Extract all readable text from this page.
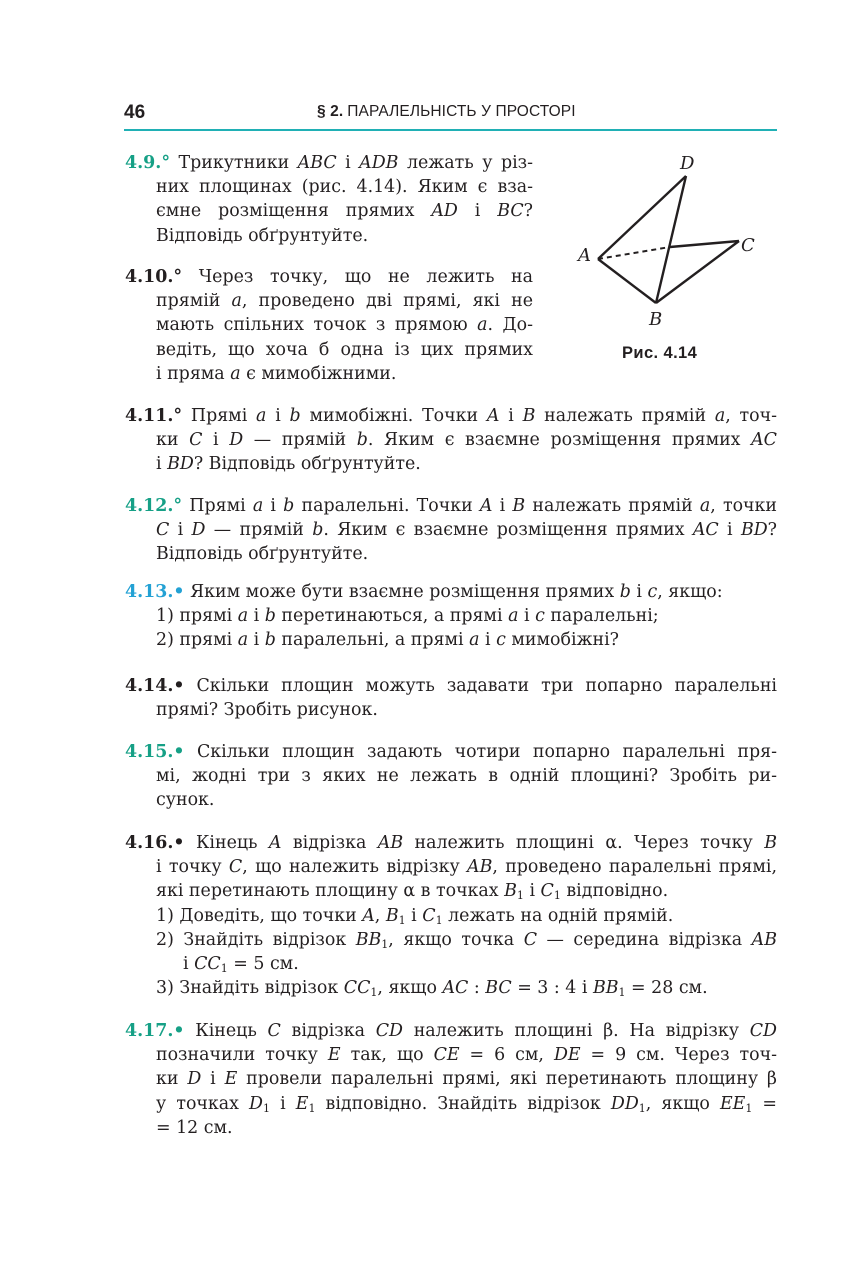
46	§ 2. ПАРАЛЕЛЬНІСТЬ У ПРОСТОРІ
D
A	C
B
Рис. 4.14
4.9.° Трикутники ABC і ADB лежать у різ-
них площинах (рис. 4.14). Яким є вза-
ємне розміщення прямих AD і BC?
Відповідь обґрунтуйте.
4.10.° Через точку, що не лежить на
прямій a, проведено дві прямі, які не
мають спільних точок з прямою a. До-
ведіть, що хоча б одна із цих прямих
і пряма a є мимобіжними.
4.11.° Прямі a і b мимобіжні. Точки A і B належать прямій a, точ-
ки C і D — прямій b. Яким є взаємне розміщення прямих AC
і BD? Відповідь обґрунтуйте.
4.12.° Прямі a і b паралельні. Точки A і B належать прямій a, точки
C і D — прямій b. Яким є взаємне розміщення прямих AC і BD?
Відповідь обґрунтуйте.
4.13.• Яким може бути взаємне розміщення прямих b і c, якщо:
1) прямі a і b перетинаються, а прямі a і c паралельні;
2) прямі a і b паралельні, а прямі a і c мимобіжні?
4.14.• Скільки площин можуть задавати три попарно паралельні
прямі? Зробіть рисунок.
4.15.• Скільки площин задають чотири попарно паралельні пря-
мі, жодні три з яких не лежать в одній площині? Зробіть ри-
сунок.
4.16.• Кінець A відрізка AB належить площині α. Через точку B
і точку C, що належить відрізку AB, проведено паралельні прямі,
які перетинають площину α в точках $B_1$ і $C_1$ відповідно.
1) Доведіть, що точки A, $B_1$ і $C_1$ лежать на одній прямій.
2) Знайдіть відрізок $BB_1$, якщо точка C — середина відрізка AB
і $CC_1 = 5$ см.
3) Знайдіть відрізок $CC_1$, якщо AC : BC = 3 : 4 і $BB_1 = 28$ см.
4.17.• Кінець C відрізка CD належить площині β. На відрізку CD
позначили точку E так, що CE = 6 см, DE = 9 см. Через точ-
ки D і E провели паралельні прямі, які перетинають площину β
у точках $D_1$ і $E_1$ відповідно. Знайдіть відрізок $DD_1$, якщо $EE_1$ =
= 12 см.
